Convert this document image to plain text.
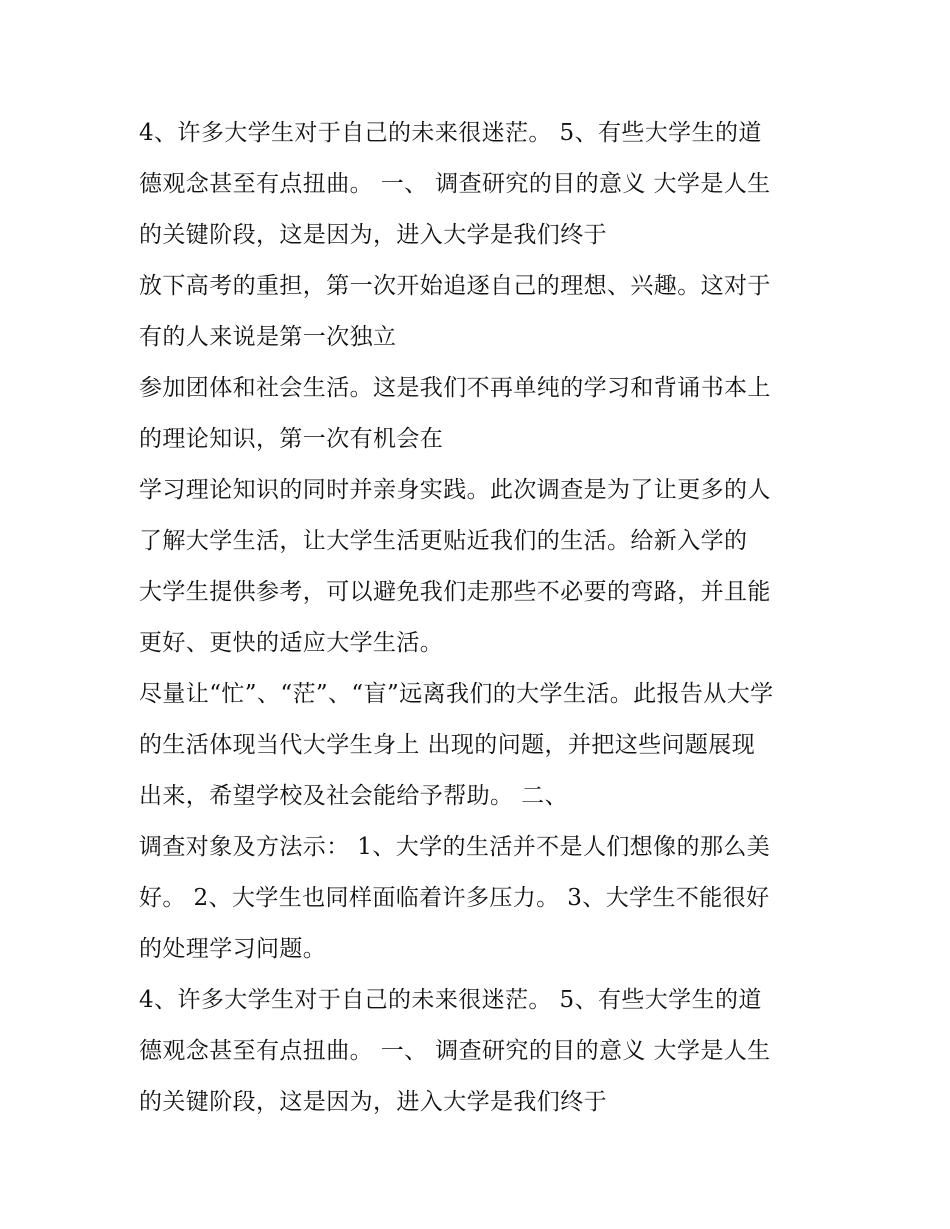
4、许多大学生对于自己的未来很迷茫。 5、有些大学生的道
德观念甚至有点扭曲。 一、 调查研究的目的意义 大学是人生
的关键阶段，这是因为，进入大学是我们终于
放下高考的重担，第一次开始追逐自己的理想、兴趣。这对于
有的人来说是第一次独立
参加团体和社会生活。这是我们不再单纯的学习和背诵书本上
的理论知识，第一次有机会在
学习理论知识的同时并亲身实践。此次调查是为了让更多的人
了解大学生活，让大学生活更贴近我们的生活。给新入学的
大学生提供参考，可以避免我们走那些不必要的弯路，并且能
更好、更快的适应大学生活。
尽量让“忙”、“茫”、“盲”远离我们的大学生活。此报告从大学
的生活体现当代大学生身上 出现的问题，并把这些问题展现
出来，希望学校及社会能给予帮助。 二、
调查对象及方法示： 1、大学的生活并不是人们想像的那么美
好。 2、大学生也同样面临着许多压力。 3、大学生不能很好
的处理学习问题。
4、许多大学生对于自己的未来很迷茫。 5、有些大学生的道
德观念甚至有点扭曲。 一、 调查研究的目的意义 大学是人生
的关键阶段，这是因为，进入大学是我们终于
